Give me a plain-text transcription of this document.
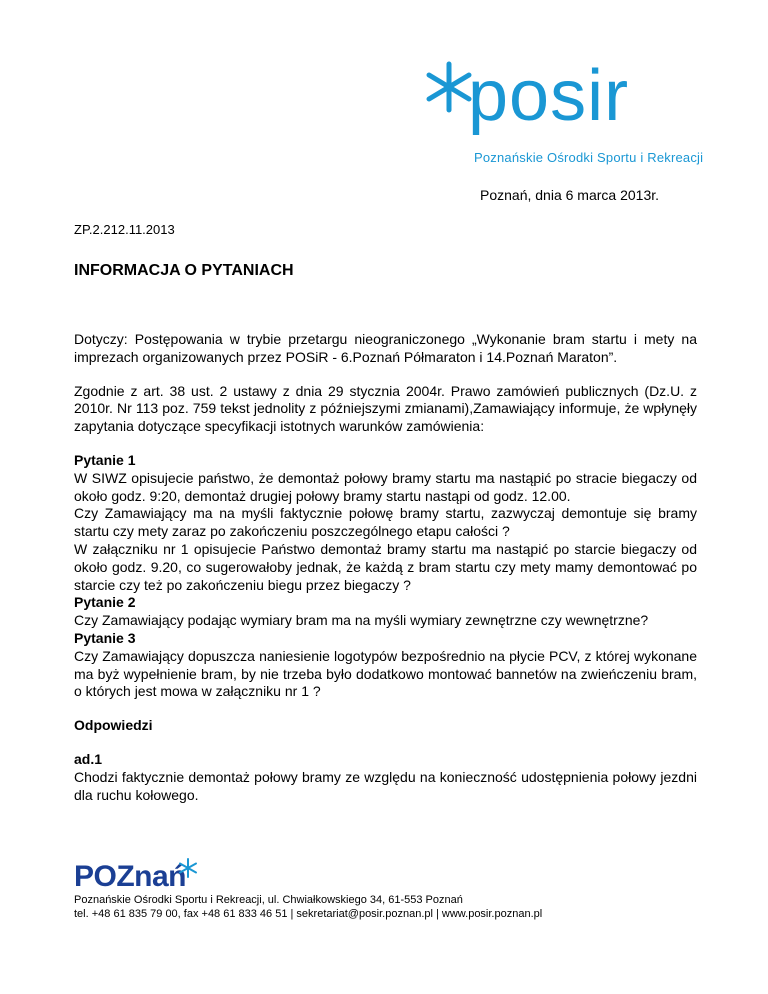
posir
Poznańskie Ośrodki Sportu i Rekreacji
Poznań, dnia 6 marca 2013r.
ZP.2.212.11.2013
INFORMACJA O PYTANIACH

Dotyczy: Postępowania w trybie przetargu nieograniczonego „Wykonanie bram startu i mety na imprezach organizowanych przez POSiR - 6.Poznań Półmaraton i 14.Poznań Maraton”.

Zgodnie z art. 38 ust. 2 ustawy z dnia 29 stycznia 2004r. Prawo zamówień publicznych (Dz.U. z 2010r. Nr 113 poz. 759 tekst jednolity z późniejszymi zmianami),Zamawiający informuje, że wpłynęły zapytania dotyczące specyfikacji istotnych warunków zamówienia:

Pytanie 1

W SIWZ opisujecie państwo, że demontaż połowy bramy startu ma nastąpić po stracie biegaczy od około godz. 9:20, demontaż drugiej połowy bramy startu nastąpi od godz. 12.00.

Czy Zamawiający ma na myśli faktycznie połowę bramy startu, zazwyczaj demontuje się bramy startu czy mety zaraz po zakończeniu poszczególnego etapu całości ?

W załączniku nr 1 opisujecie Państwo demontaż bramy startu ma nastąpić po starcie biegaczy od około godz. 9.20, co sugerowałoby jednak, że każdą z bram startu czy mety mamy demontować po starcie czy też po zakończeniu biegu przez biegaczy ?

Pytanie 2

Czy Zamawiający podając wymiary bram ma na myśli wymiary zewnętrzne czy wewnętrzne?

Pytanie 3

Czy Zamawiający dopuszcza naniesienie logotypów bezpośrednio na płycie PCV, z której wykonane ma byż wypełnienie bram, by nie trzeba było dodatkowo montować bannetów na zwieńczeniu bram, o których jest mowa w załączniku nr 1 ?

Odpowiedzi

ad.1

Chodzi faktycznie demontaż połowy bramy ze względu na konieczność udostępnienia połowy jezdni dla ruchu kołowego.

POZnań
Poznańskie Ośrodki Sportu i Rekreacji, ul. Chwiałkowskiego 34, 61-553 Poznań
tel. +48 61 835 79 00, fax +48 61 833 46 51 | sekretariat@posir.poznan.pl | www.posir.poznan.pl
